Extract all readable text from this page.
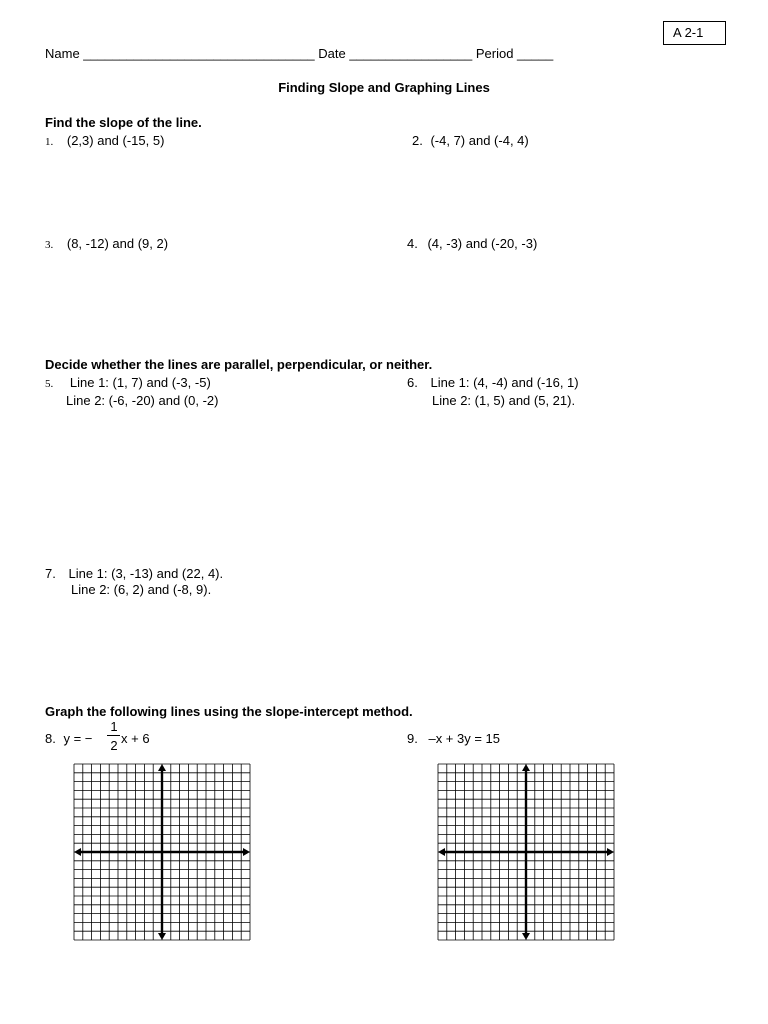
A 2-1
Name ________________________________ Date _________________ Period _____
Finding Slope and Graphing Lines
Find the slope of the line.
1. (2,3) and (-15, 5)	2. (-4, 7) and (-4, 4)
3. (8, -12) and (9, 2)	4. (4, -3) and (-20, -3)
Decide whether the lines are parallel, perpendicular, or neither.
5. Line 1: (1, 7) and (-3, -5)
Line 2: (-6, -20) and (0, -2)
6. Line 1: (4, -4) and (-16, 1)
Line 2: (1, 5) and (5, 21).
7. Line 1: (3, -13) and (22, 4).
Line 2: (6, 2) and (-8, 9).
Graph the following lines using the slope-intercept method.
8. y = −
1
2 x + 6	9. –x + 3y = 15
